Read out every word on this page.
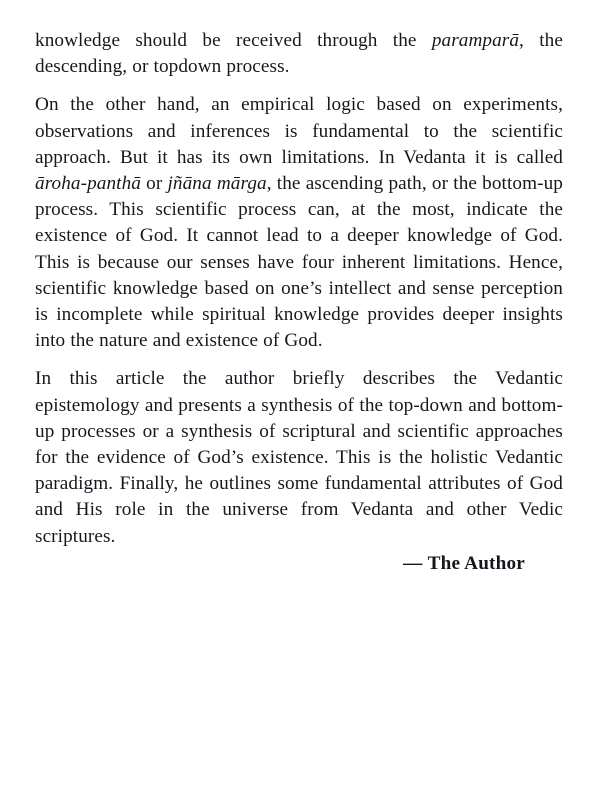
knowledge should be received through the paramparā, the descending, or topdown process.

On the other hand, an empirical logic based on experiments, observations and inferences is fundamental to the scientific approach. But it has its own limitations. In Vedanta it is called āroha-panthā or jñāna mārga, the ascending path, or the bottom-up process. This scientific process can, at the most, indicate the existence of God. It cannot lead to a deeper knowledge of God. This is because our senses have four inherent limitations. Hence, scientific knowledge based on one’s intellect and sense perception is incomplete while spiritual knowledge provides deeper insights into the nature and existence of God.

In this article the author briefly describes the Vedantic epistemology and presents a synthesis of the top-down and bottom-up processes or a synthesis of scriptural and scientific approaches for the evidence of God’s existence. This is the holistic Vedantic paradigm. Finally, he outlines some fundamental attributes of God and His role in the universe from Vedanta and other Vedic scriptures.

— The Author
